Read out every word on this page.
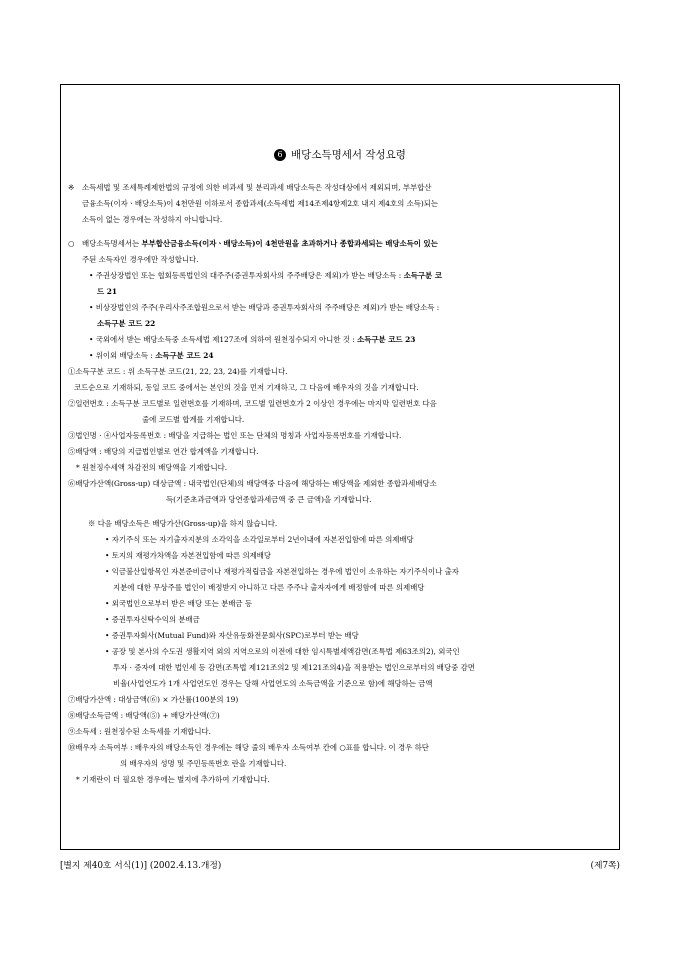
6 배당소득명세서 작성요령
※ 소득세법 및 조세특례제한법의 규정에 의한 비과세 및 분리과세 배당소득은 작성대상에서 제외되며, 부부합산
금융소득(이자ㆍ배당소득)이 4천만원 이하로서 종합과세(소득세법 제14조제4항제2호 내지 제4호의 소득)되는
소득이 없는 경우에는 작성하지 아니합니다.
○ 배당소득명세서는 부부합산금융소득(이자ㆍ배당소득)이 4천만원을 초과하거나 종합과세되는 배당소득이 있는
주된 소득자인 경우에만 작성합니다.
• 주권상장법인 또는 협회등록법인의 대주주(증권투자회사의 주주배당은 제외)가 받는 배당소득 : 소득구분 코
드 21
• 비상장법인의 주주(우리사주조합원으로서 받는 배당과 증권투자회사의 주주배당은 제외)가 받는 배당소득 :
소득구분 코드 22
• 국외에서 받는 배당소득중 소득세법 제127조에 의하여 원천징수되지 아니한 것 : 소득구분 코드 23
• 위이외 배당소득 : 소득구분 코드 24
①소득구분 코드 : 위 소득구분 코드(21, 22, 23, 24)를 기재합니다.
코드순으로 기재하되, 동일 코드 중에서는 본인의 것을 먼저 기재하고, 그 다음에 배우자의 것을 기재합니다.
②일련번호 : 소득구분 코드별로 일련번호를 기재하며, 코드별 일련번호가 2 이상인 경우에는 마지막 일련번호 다음
줄에 코드별 합계를 기재합니다.
③법인명 · ④사업자등록번호 : 배당을 지급하는 법인 또는 단체의 명칭과 사업자등록번호를 기재합니다.
⑤배당액 : 배당의 지급법인별로 연간 합계액을 기재합니다.
* 원천징수세액 차감전의 배당액을 기재합니다.
⑥배당가산액(Gross-up) 대상금액 : 내국법인(단체)의 배당액중 다음에 해당하는 배당액을 제외한 종합과세배당소
득(기준초과금액과 당연종합과세금액 중 큰 금액)을 기재합니다.
※ 다음 배당소득은 배당가산(Gross-up)을 하지 않습니다.
• 자기주식 또는 자기출자지분의 소각익을 소각일로부터 2년이내에 자본전입함에 따른 의제배당
• 토지의 재평가차액을 자본전입함에 따른 의제배당
• 익금불산입항목인 자본준비금이나 재평가적립금을 자본전입하는 경우에 법인이 소유하는 자기주식이나 출자
지분에 대한 무상주를 법인이 배정받지 아니하고 다른 주주나 출자자에게 배정함에 따른 의제배당
• 외국법인으로부터 받은 배당 또는 분배금 등
• 증권투자신탁수익의 분배금
• 증권투자회사(Mutual Fund)와 자산유동화전문회사(SPC)로부터 받는 배당
• 공장 및 본사의 수도권 생활지역 외의 지역으로의 이전에 대한 임시특별세액감면(조특법 제63조의2), 외국인
투자 · 증자에 대한 법인세 등 감면(조특법 제121조의2 및 제121조의4)을 적용받는 법인으로부터의 배당중 감면
비율(사업연도가 1개 사업연도인 경우는 당해 사업연도의 소득금액을 기준으로 함)에 해당하는 금액
⑦배당가산액 : 대상금액(⑥) × 가산률(100분의 19)
⑧배당소득금액 : 배당액(⑤) + 배당가산액(⑦)
⑨소득세 : 원천징수된 소득세를 기재합니다.
⑩배우자 소득여부 : 배우자의 배당소득인 경우에는 해당 줄의 배우자 소득여부 칸에 ○표를 합니다. 이 경우 하단
의 배우자의 성명 및 주민등록번호 란을 기재합니다.
* 기재란이 더 필요한 경우에는 별지에 추가하여 기재합니다.
[별지 제40호 서식(1)] (2002.4.13.개정)	(제7쪽)
